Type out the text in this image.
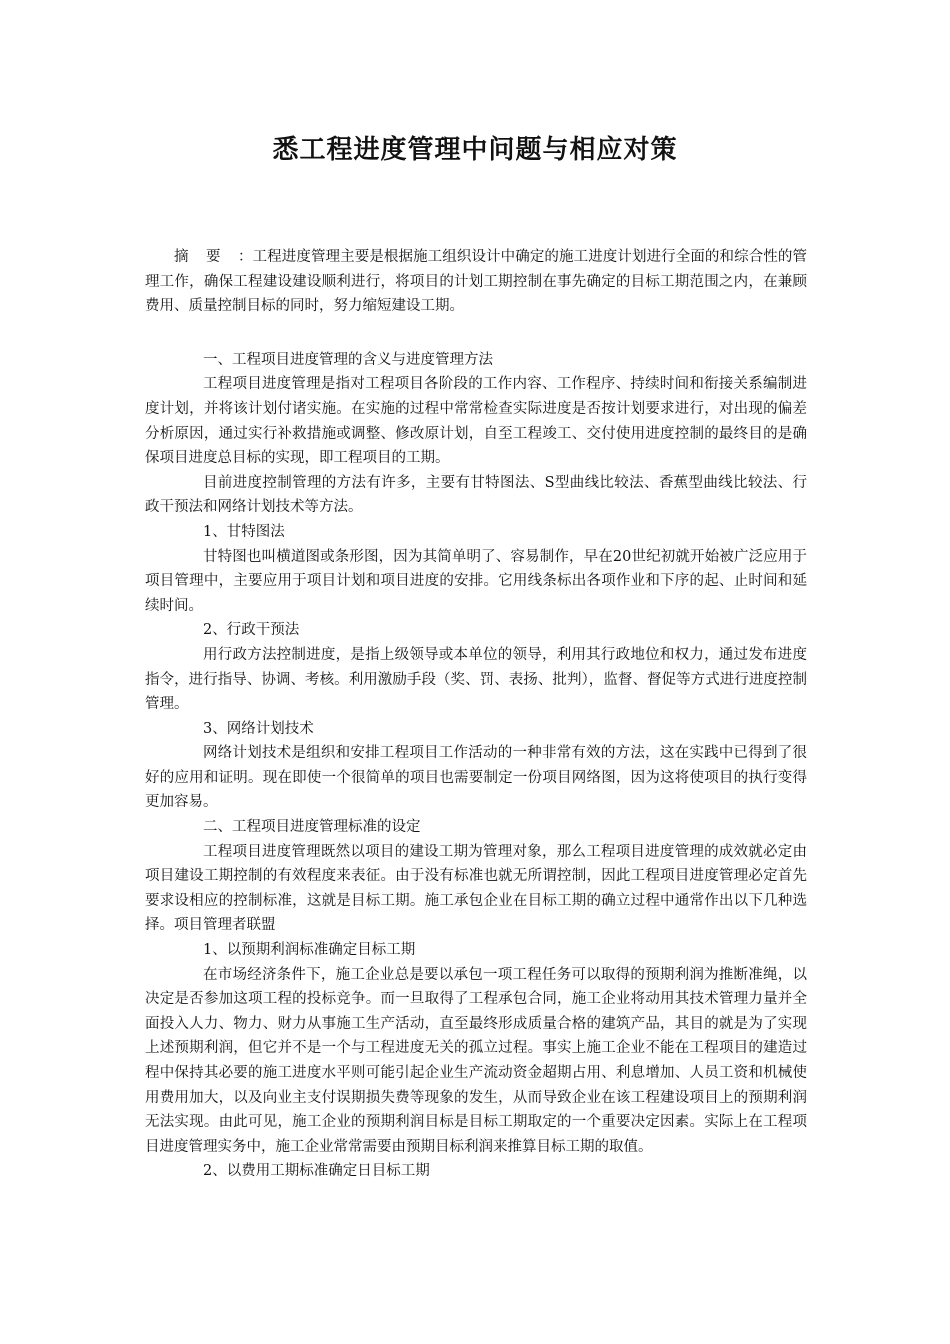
悉工程进度管理中问题与相应对策

摘要：工程进度管理主要是根据施工组织设计中确定的施工进度计划进行全面的和综合性的管理工作，确保工程建设建设顺利进行，将项目的计划工期控制在事先确定的目标工期范围之内，在兼顾费用、质量控制目标的同时，努力缩短建设工期。

一、工程项目进度管理的含义与进度管理方法

工程项目进度管理是指对工程项目各阶段的工作内容、工作程序、持续时间和衔接关系编制进度计划，并将该计划付诸实施。在实施的过程中常常检查实际进度是否按计划要求进行，对出现的偏差分析原因，通过实行补救措施或调整、修改原计划，自至工程竣工、交付使用进度控制的最终目的是确保项目进度总目标的实现，即工程项目的工期。

目前进度控制管理的方法有许多，主要有甘特图法、S型曲线比较法、香蕉型曲线比较法、行政干预法和网络计划技术等方法。

1、甘特图法

甘特图也叫横道图或条形图，因为其简单明了、容易制作，早在20世纪初就开始被广泛应用于项目管理中，主要应用于项目计划和项目进度的安排。它用线条标出各项作业和下序的起、止时间和延续时间。

2、行政干预法

用行政方法控制进度，是指上级领导或本单位的领导，利用其行政地位和权力，通过发布进度指令，进行指导、协调、考核。利用激励手段（奖、罚、表扬、批判），监督、督促等方式进行进度控制管理。

3、网络计划技术

网络计划技术是组织和安排工程项目工作活动的一种非常有效的方法，这在实践中已得到了很好的应用和证明。现在即使一个很简单的项目也需要制定一份项目网络图，因为这将使项目的执行变得更加容易。

二、工程项目进度管理标准的设定

工程项目进度管理既然以项目的建设工期为管理对象，那么工程项目进度管理的成效就必定由项目建设工期控制的有效程度来表征。由于没有标准也就无所谓控制，因此工程项目进度管理必定首先要求设相应的控制标准，这就是目标工期。施工承包企业在目标工期的确立过程中通常作出以下几种选择。项目管理者联盟

1、以预期利润标准确定目标工期

在市场经济条件下，施工企业总是要以承包一项工程任务可以取得的预期利润为推断准绳，以决定是否参加这项工程的投标竞争。而一旦取得了工程承包合同，施工企业将动用其技术管理力量并全面投入人力、物力、财力从事施工生产活动，直至最终形成质量合格的建筑产品，其目的就是为了实现上述预期利润，但它并不是一个与工程进度无关的孤立过程。事实上施工企业不能在工程项目的建造过程中保持其必要的施工进度水平则可能引起企业生产流动资金超期占用、利息增加、人员工资和机械使用费用加大，以及向业主支付误期损失费等现象的发生，从而导致企业在该工程建设项目上的预期利润无法实现。由此可见，施工企业的预期利润目标是目标工期取定的一个重要决定因素。实际上在工程项目进度管理实务中，施工企业常常需要由预期目标利润来推算目标工期的取值。

2、以费用工期标准确定日目标工期
